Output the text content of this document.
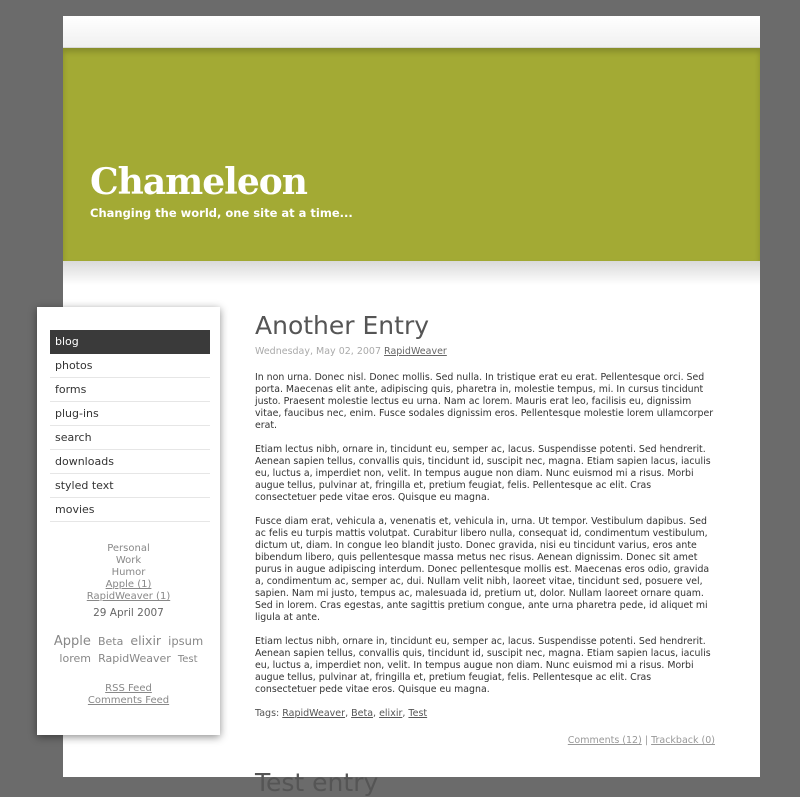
Chameleon
Changing the world, one site at a time...
blog
photos
forms
plug-ins
search
downloads
styled text
movies
Personal
Work
Humor
Apple (1)
RapidWeaver (1)
29 April 2007
Apple Beta elixir ipsum lorem RapidWeaver Test
RSS Feed
Comments Feed
Another Entry
Wednesday, May 02, 2007 RapidWeaver

In non urna. Donec nisl. Donec mollis. Sed nulla. In tristique erat eu erat. Pellentesque orci. Sed porta. Maecenas elit ante, adipiscing quis, pharetra in, molestie tempus, mi. In cursus tincidunt justo. Praesent molestie lectus eu urna. Nam ac lorem. Mauris erat leo, facilisis eu, dignissim vitae, faucibus nec, enim. Fusce sodales dignissim eros. Pellentesque molestie lorem ullamcorper erat.

Etiam lectus nibh, ornare in, tincidunt eu, semper ac, lacus. Suspendisse potenti. Sed hendrerit. Aenean sapien tellus, convallis quis, tincidunt id, suscipit nec, magna. Etiam sapien lacus, iaculis eu, luctus a, imperdiet non, velit. In tempus augue non diam. Nunc euismod mi a risus. Morbi augue tellus, pulvinar at, fringilla et, pretium feugiat, felis. Pellentesque ac elit. Cras consectetuer pede vitae eros. Quisque eu magna.

Fusce diam erat, vehicula a, venenatis et, vehicula in, urna. Ut tempor. Vestibulum dapibus. Sed ac felis eu turpis mattis volutpat. Curabitur libero nulla, consequat id, condimentum vestibulum, dictum ut, diam. In congue leo blandit justo. Donec gravida, nisi eu tincidunt varius, eros ante bibendum libero, quis pellentesque massa metus nec risus. Aenean dignissim. Donec sit amet purus in augue adipiscing interdum. Donec pellentesque mollis est. Maecenas eros odio, gravida a, condimentum ac, semper ac, dui. Nullam velit nibh, laoreet vitae, tincidunt sed, posuere vel, sapien. Nam mi justo, tempus ac, malesuada id, pretium ut, dolor. Nullam laoreet ornare quam. Sed in lorem. Cras egestas, ante sagittis pretium congue, ante urna pharetra pede, id aliquet mi ligula at ante.

Etiam lectus nibh, ornare in, tincidunt eu, semper ac, lacus. Suspendisse potenti. Sed hendrerit. Aenean sapien tellus, convallis quis, tincidunt id, suscipit nec, magna. Etiam sapien lacus, iaculis eu, luctus a, imperdiet non, velit. In tempus augue non diam. Nunc euismod mi a risus. Morbi augue tellus, pulvinar at, fringilla et, pretium feugiat, felis. Pellentesque ac elit. Cras consectetuer pede vitae eros. Quisque eu magna.

Tags: RapidWeaver, Beta, elixir, Test
Comments (12) | Trackback (0)
Test entry
